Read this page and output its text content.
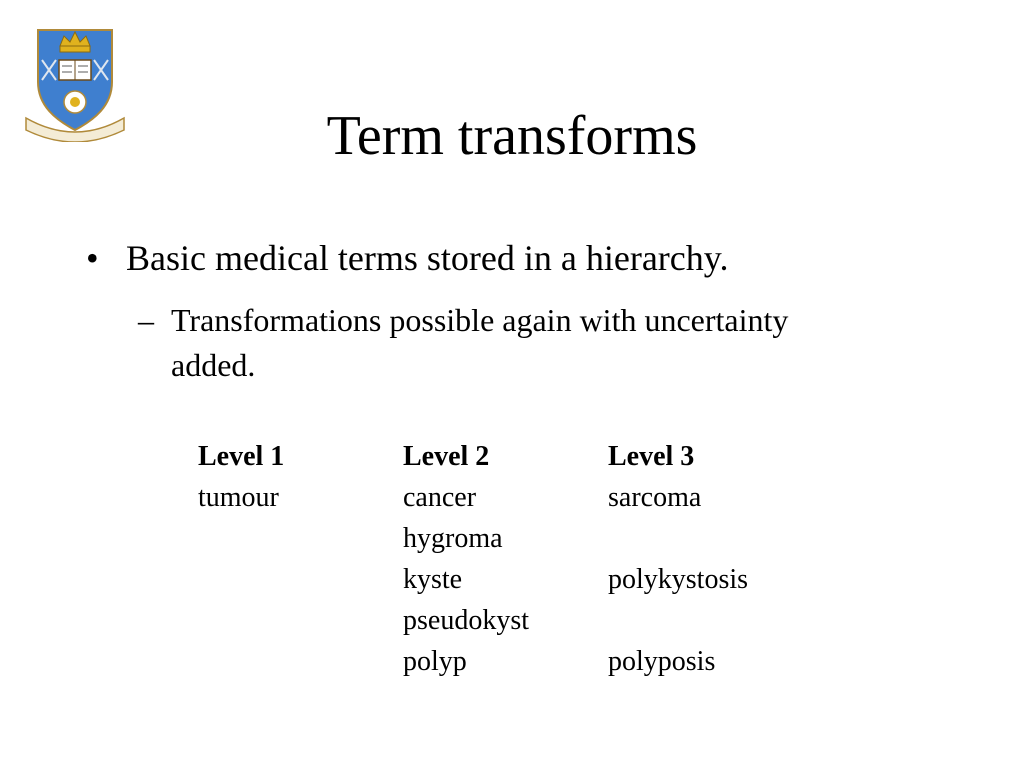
Term transforms
• Basic medical terms stored in a hierarchy.
– Transformations possible again with uncertainty added.
Level 1	Level 2	Level 3
tumour	cancer	sarcoma
	hygroma	
	kyste	polykystosis
	pseudokyst	
	polyp	polyposis
